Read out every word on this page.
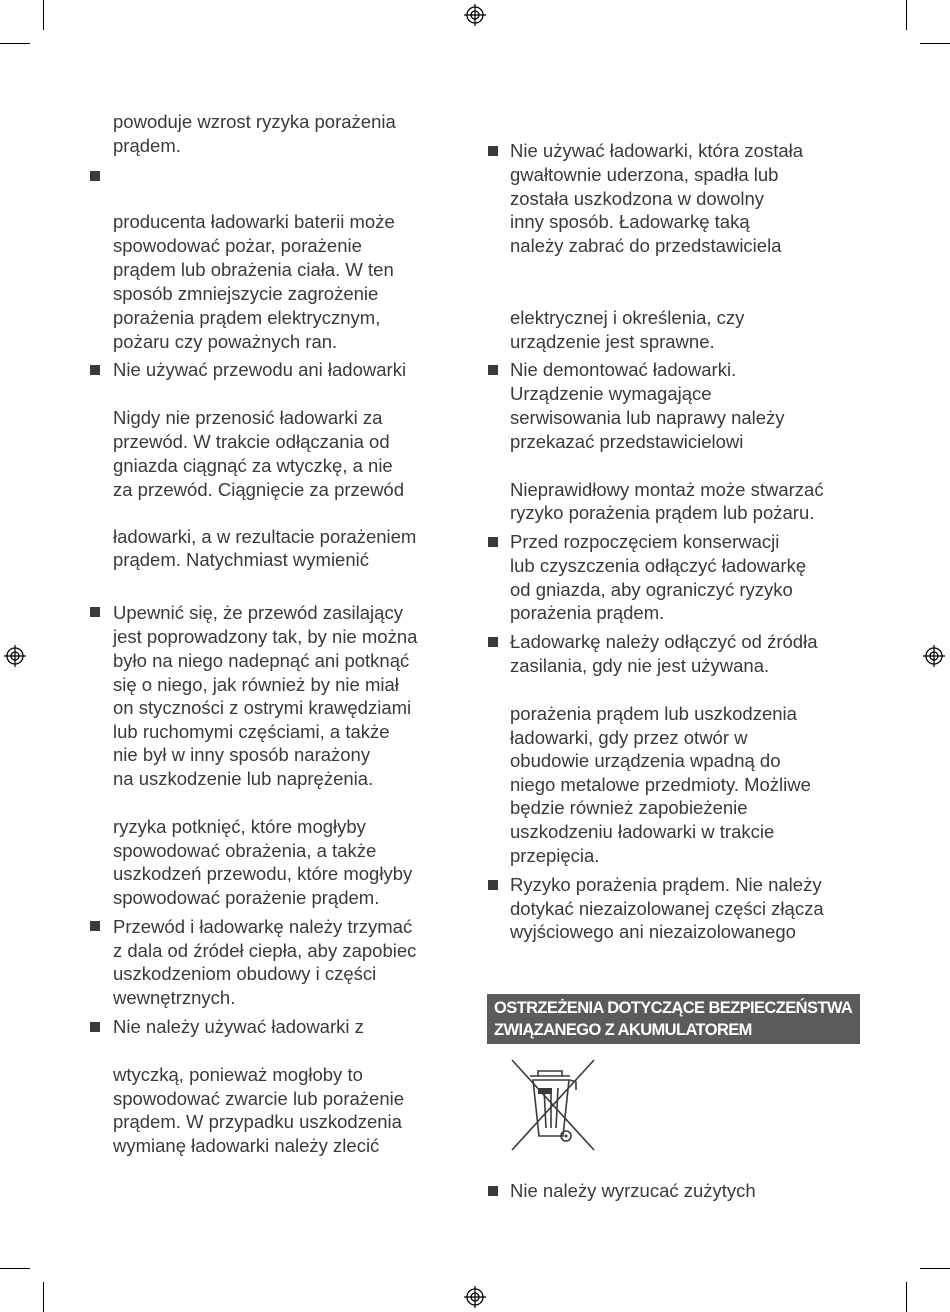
powoduje wzrost ryzyka porażenia
prądem.
producenta ładowarki baterii może
spowodować pożar, porażenie
prądem lub obrażenia ciała. W ten
sposób zmniejszycie zagrożenie
porażenia prądem elektrycznym,
pożaru czy poważnych ran.
Nie używać przewodu ani ładowarki
Nigdy nie przenosić ładowarki za
przewód. W trakcie odłączania od
gniazda ciągnąć za wtyczkę, a nie
za przewód. Ciągnięcie za przewód
ładowarki, a w rezultacie porażeniem
prądem. Natychmiast wymienić
Upewnić się, że przewód zasilający
jest poprowadzony tak, by nie można
było na niego nadepnąć ani potknąć
się o niego, jak również by nie miał
on styczności z ostrymi krawędziami
lub ruchomymi częściami, a także
nie był w inny sposób narażony
na uszkodzenie lub naprężenia.
ryzyka potknięć, które mogłyby
spowodować obrażenia, a także
uszkodzeń przewodu, które mogłyby
spowodować porażenie prądem.
Przewód i ładowarkę należy trzymać
z dala od źródeł ciepła, aby zapobiec
uszkodzeniom obudowy i części
wewnętrznych.
Nie należy używać ładowarki z
wtyczką, ponieważ mogłoby to
spowodować zwarcie lub porażenie
prądem. W przypadku uszkodzenia
wymianę ładowarki należy zlecić
Nie używać ładowarki, która została
gwałtownie uderzona, spadła lub
została uszkodzona w dowolny
inny sposób. Ładowarkę taką
należy zabrać do przedstawiciela
elektrycznej i określenia, czy
urządzenie jest sprawne.
Nie demontować ładowarki.
Urządzenie wymagające
serwisowania lub naprawy należy
przekazać przedstawicielowi
Nieprawidłowy montaż może stwarzać
ryzyko porażenia prądem lub pożaru.
Przed rozpoczęciem konserwacji
lub czyszczenia odłączyć ładowarkę
od gniazda, aby ograniczyć ryzyko
porażenia prądem.
Ładowarkę należy odłączyć od źródła
zasilania, gdy nie jest używana.
porażenia prądem lub uszkodzenia
ładowarki, gdy przez otwór w
obudowie urządzenia wpadną do
niego metalowe przedmioty. Możliwe
będzie również zapobieżenie
uszkodzeniu ładowarki w trakcie
przepięcia.
Ryzyko porażenia prądem. Nie należy
dotykać niezaizolowanej części złącza
wyjściowego ani niezaizolowanego
Nie należy wyrzucać zużytych
OSTRZEŻENIA DOTYCZĄCE BEZPIECZEŃSTWA
ZWIĄZANEGO Z AKUMULATOREM
